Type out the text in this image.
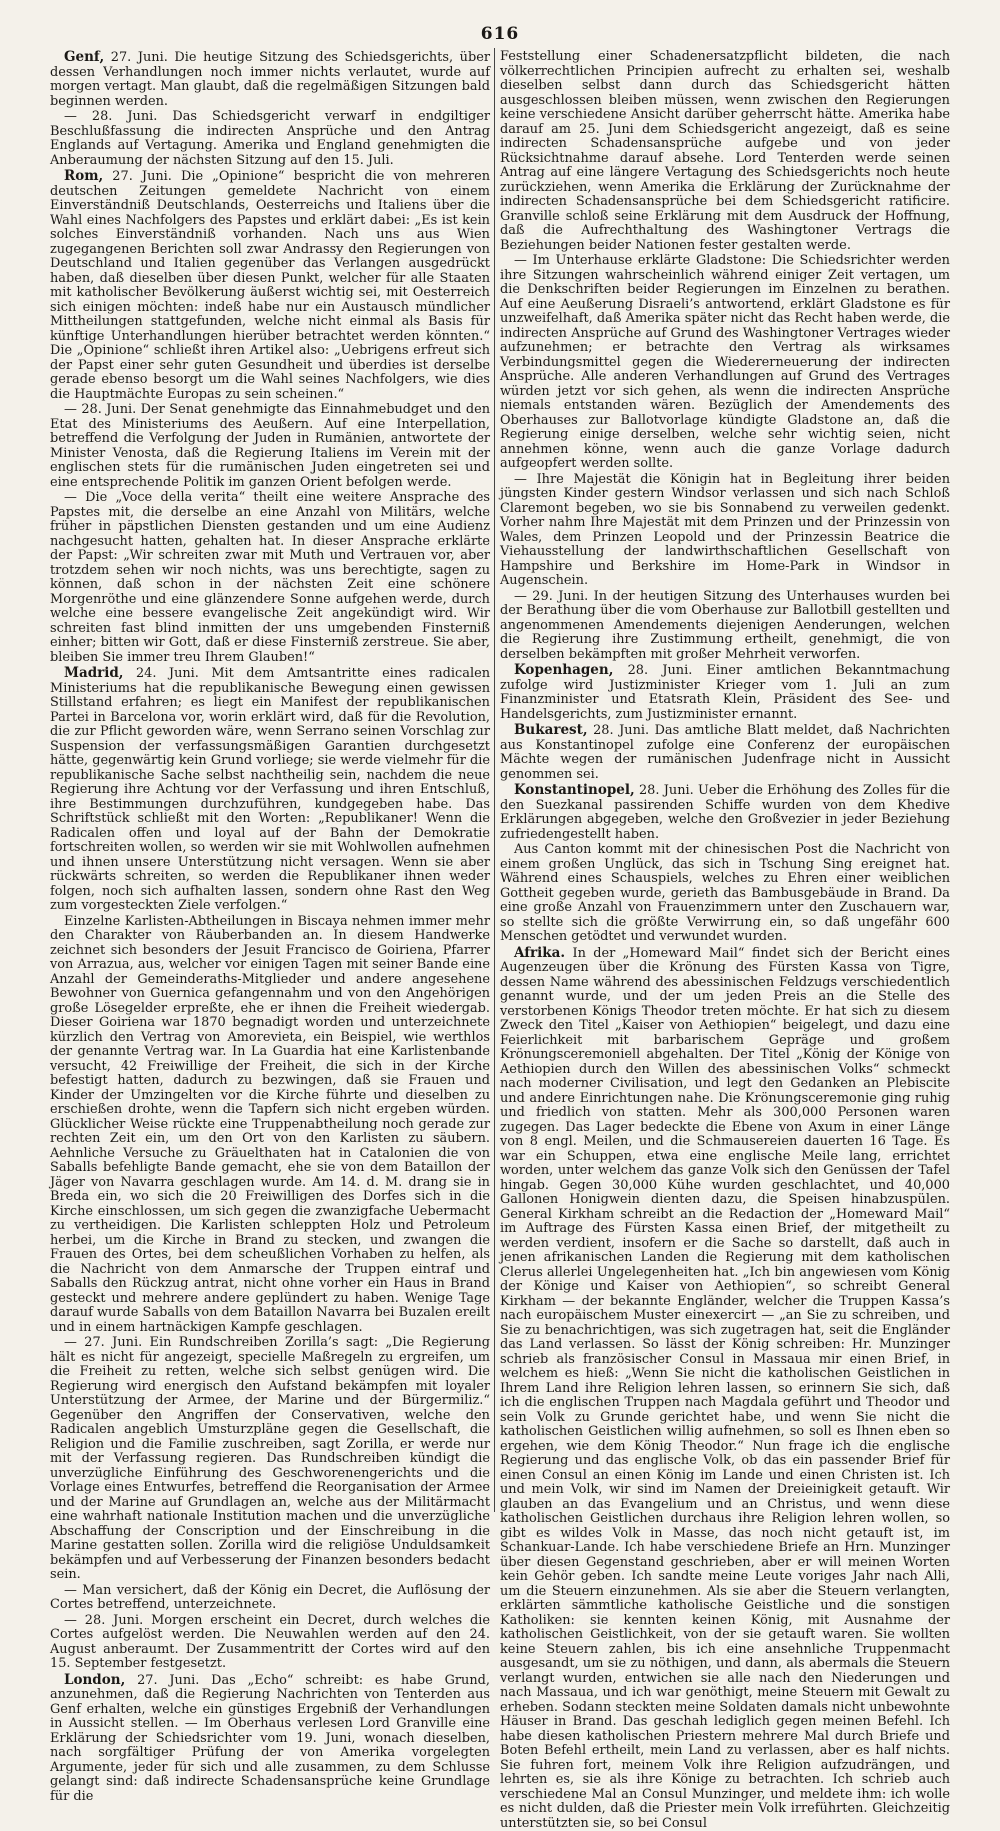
616

Genf, 27. Juni. Die heutige Sitzung des Schiedsgerichts, über dessen Verhandlungen noch immer nichts verlautet, wurde auf morgen vertagt. Man glaubt, daß die regelmäßigen Sitzungen bald beginnen werden.

— 28. Juni. Das Schiedsgericht verwarf in endgiltiger Beschlußfassung die indirecten Ansprüche und den Antrag Englands auf Vertagung. Amerika und England genehmigten die Anberaumung der nächsten Sitzung auf den 15. Juli.

Rom, 27. Juni. Die „Opinione“ bespricht die von mehreren deutschen Zeitungen gemeldete Nachricht von einem Einverständniß Deutschlands, Oesterreichs und Italiens über die Wahl eines Nachfolgers des Papstes und erklärt dabei: „Es ist kein solches Einverständniß vorhanden. Nach uns aus Wien zugegangenen Berichten soll zwar Andrassy den Regierungen von Deutschland und Italien gegenüber das Verlangen ausgedrückt haben, daß dieselben über diesen Punkt, welcher für alle Staaten mit katholischer Bevölkerung äußerst wichtig sei, mit Oesterreich sich einigen möchten: indeß habe nur ein Austausch mündlicher Mittheilungen stattgefunden, welche nicht einmal als Basis für künftige Unterhandlungen hierüber betrachtet werden könnten.“ Die „Opinione“ schließt ihren Artikel also: „Uebrigens erfreut sich der Papst einer sehr guten Gesundheit und überdies ist derselbe gerade ebenso besorgt um die Wahl seines Nachfolgers, wie dies die Hauptmächte Europas zu sein scheinen.“

— 28. Juni. Der Senat genehmigte das Einnahmebudget und den Etat des Ministeriums des Aeußern. Auf eine Interpellation, betreffend die Verfolgung der Juden in Rumänien, antwortete der Minister Venosta, daß die Regierung Italiens im Verein mit der englischen stets für die rumänischen Juden eingetreten sei und eine entsprechende Politik im ganzen Orient befolgen werde.

— Die „Voce della verita“ theilt eine weitere Ansprache des Papstes mit, die derselbe an eine Anzahl von Militärs, welche früher in päpstlichen Diensten gestanden und um eine Audienz nachgesucht hatten, gehalten hat. In dieser Ansprache erklärte der Papst: „Wir schreiten zwar mit Muth und Vertrauen vor, aber trotzdem sehen wir noch nichts, was uns berechtigte, sagen zu können, daß schon in der nächsten Zeit eine schönere Morgenröthe und eine glänzendere Sonne aufgehen werde, durch welche eine bessere evangelische Zeit angekündigt wird. Wir schreiten fast blind inmitten der uns umgebenden Finsterniß einher; bitten wir Gott, daß er diese Finsterniß zerstreue. Sie aber, bleiben Sie immer treu Ihrem Glauben!“

Madrid, 24. Juni. Mit dem Amtsantritte eines radicalen Ministeriums hat die republikanische Bewegung einen gewissen Stillstand erfahren; es liegt ein Manifest der republikanischen Partei in Barcelona vor, worin erklärt wird, daß für die Revolution, die zur Pflicht geworden wäre, wenn Serrano seinen Vorschlag zur Suspension der verfassungsmäßigen Garantien durchgesetzt hätte, gegenwärtig kein Grund vorliege; sie werde vielmehr für die republikanische Sache selbst nachtheilig sein, nachdem die neue Regierung ihre Achtung vor der Verfassung und ihren Entschluß, ihre Bestimmungen durchzuführen, kundgegeben habe. Das Schriftstück schließt mit den Worten: „Republikaner! Wenn die Radicalen offen und loyal auf der Bahn der Demokratie fortschreiten wollen, so werden wir sie mit Wohlwollen aufnehmen und ihnen unsere Unterstützung nicht versagen. Wenn sie aber rückwärts schreiten, so werden die Republikaner ihnen weder folgen, noch sich aufhalten lassen, sondern ohne Rast den Weg zum vorgesteckten Ziele verfolgen.“

Einzelne Karlisten-Abtheilungen in Biscaya nehmen immer mehr den Charakter von Räuberbanden an. In diesem Handwerke zeichnet sich besonders der Jesuit Francisco de Goiriena, Pfarrer von Arrazua, aus, welcher vor einigen Tagen mit seiner Bande eine Anzahl der Gemeinderaths-Mitglieder und andere angesehene Bewohner von Guernica gefangennahm und von den Angehörigen große Lösegelder erpreßte, ehe er ihnen die Freiheit wiedergab. Dieser Goiriena war 1870 begnadigt worden und unterzeichnete kürzlich den Vertrag von Amorevieta, ein Beispiel, wie werthlos der genannte Vertrag war. In La Guardia hat eine Karlistenbande versucht, 42 Freiwillige der Freiheit, die sich in der Kirche befestigt hatten, dadurch zu bezwingen, daß sie Frauen und Kinder der Umzingelten vor die Kirche führte und dieselben zu erschießen drohte, wenn die Tapfern sich nicht ergeben würden. Glücklicher Weise rückte eine Truppenabtheilung noch gerade zur rechten Zeit ein, um den Ort von den Karlisten zu säubern. Aehnliche Versuche zu Gräuelthaten hat in Catalonien die von Saballs befehligte Bande gemacht, ehe sie von dem Bataillon der Jäger von Navarra geschlagen wurde. Am 14. d. M. drang sie in Breda ein, wo sich die 20 Freiwilligen des Dorfes sich in die Kirche einschlossen, um sich gegen die zwanzigfache Uebermacht zu vertheidigen. Die Karlisten schleppten Holz und Petroleum herbei, um die Kirche in Brand zu stecken, und zwangen die Frauen des Ortes, bei dem scheußlichen Vorhaben zu helfen, als die Nachricht von dem Anmarsche der Truppen eintraf und Saballs den Rückzug antrat, nicht ohne vorher ein Haus in Brand gesteckt und mehrere andere geplündert zu haben. Wenige Tage darauf wurde Saballs von dem Bataillon Navarra bei Buzalen ereilt und in einem hartnäckigen Kampfe geschlagen.

— 27. Juni. Ein Rundschreiben Zorilla’s sagt: „Die Regierung hält es nicht für angezeigt, specielle Maßregeln zu ergreifen, um die Freiheit zu retten, welche sich selbst genügen wird. Die Regierung wird energisch den Aufstand bekämpfen mit loyaler Unterstützung der Armee, der Marine und der Bürgermiliz.“ Gegenüber den Angriffen der Conservativen, welche den Radicalen angeblich Umsturzpläne gegen die Gesellschaft, die Religion und die Familie zuschreiben, sagt Zorilla, er werde nur mit der Verfassung regieren. Das Rundschreiben kündigt die unverzügliche Einführung des Geschworenengerichts und die Vorlage eines Entwurfes, betreffend die Reorganisation der Armee und der Marine auf Grundlagen an, welche aus der Militärmacht eine wahrhaft nationale Institution machen und die unverzügliche Abschaffung der Conscription und der Einschreibung in die Marine gestatten sollen. Zorilla wird die religiöse Unduldsamkeit bekämpfen und auf Verbesserung der Finanzen besonders bedacht sein.

— Man versichert, daß der König ein Decret, die Auflösung der Cortes betreffend, unterzeichnete.

— 28. Juni. Morgen erscheint ein Decret, durch welches die Cortes aufgelöst werden. Die Neuwahlen werden auf den 24. August anberaumt. Der Zusammentritt der Cortes wird auf den 15. September festgesetzt.

London, 27. Juni. Das „Echo“ schreibt: es habe Grund, anzunehmen, daß die Regierung Nachrichten von Tenterden aus Genf erhalten, welche ein günstiges Ergebniß der Verhandlungen in Aussicht stellen. — Im Oberhaus verlesen Lord Granville eine Erklärung der Schiedsrichter vom 19. Juni, wonach dieselben, nach sorgfältiger Prüfung der von Amerika vorgelegten Argumente, jeder für sich und alle zusammen, zu dem Schlusse gelangt sind: daß indirecte Schadensansprüche keine Grundlage für die

Feststellung einer Schadenersatzpflicht bildeten, die nach völkerrechtlichen Principien aufrecht zu erhalten sei, weshalb dieselben selbst dann durch das Schiedsgericht hätten ausgeschlossen bleiben müssen, wenn zwischen den Regierungen keine verschiedene Ansicht darüber geherrscht hätte. Amerika habe darauf am 25. Juni dem Schiedsgericht angezeigt, daß es seine indirecten Schadensansprüche aufgebe und von jeder Rücksichtnahme darauf absehe. Lord Tenterden werde seinen Antrag auf eine längere Vertagung des Schiedsgerichts noch heute zurückziehen, wenn Amerika die Erklärung der Zurücknahme der indirecten Schadensansprüche bei dem Schiedsgericht ratificire. Granville schloß seine Erklärung mit dem Ausdruck der Hoffnung, daß die Aufrechthaltung des Washingtoner Vertrags die Beziehungen beider Nationen fester gestalten werde.

— Im Unterhause erklärte Gladstone: Die Schiedsrichter werden ihre Sitzungen wahrscheinlich während einiger Zeit vertagen, um die Denkschriften beider Regierungen im Einzelnen zu berathen. Auf eine Aeußerung Disraeli’s antwortend, erklärt Gladstone es für unzweifelhaft, daß Amerika später nicht das Recht haben werde, die indirecten Ansprüche auf Grund des Washingtoner Vertrages wieder aufzunehmen; er betrachte den Vertrag als wirksames Verbindungsmittel gegen die Wiedererneuerung der indirecten Ansprüche. Alle anderen Verhandlungen auf Grund des Vertrages würden jetzt vor sich gehen, als wenn die indirecten Ansprüche niemals entstanden wären. Bezüglich der Amendements des Oberhauses zur Ballotvorlage kündigte Gladstone an, daß die Regierung einige derselben, welche sehr wichtig seien, nicht annehmen könne, wenn auch die ganze Vorlage dadurch aufgeopfert werden sollte.

— Ihre Majestät die Königin hat in Begleitung ihrer beiden jüngsten Kinder gestern Windsor verlassen und sich nach Schloß Claremont begeben, wo sie bis Sonnabend zu verweilen gedenkt. Vorher nahm Ihre Majestät mit dem Prinzen und der Prinzessin von Wales, dem Prinzen Leopold und der Prinzessin Beatrice die Viehausstellung der landwirthschaftlichen Gesellschaft von Hampshire und Berkshire im Home-Park in Windsor in Augenschein.

— 29. Juni. In der heutigen Sitzung des Unterhauses wurden bei der Berathung über die vom Oberhause zur Ballotbill gestellten und angenommenen Amendements diejenigen Aenderungen, welchen die Regierung ihre Zustimmung ertheilt, genehmigt, die von derselben bekämpften mit großer Mehrheit verworfen.

Kopenhagen, 28. Juni. Einer amtlichen Bekanntmachung zufolge wird Justizminister Krieger vom 1. Juli an zum Finanzminister und Etatsrath Klein, Präsident des See- und Handelsgerichts, zum Justizminister ernannt.

Bukarest, 28. Juni. Das amtliche Blatt meldet, daß Nachrichten aus Konstantinopel zufolge eine Conferenz der europäischen Mächte wegen der rumänischen Judenfrage nicht in Aussicht genommen sei.

Konstantinopel, 28. Juni. Ueber die Erhöhung des Zolles für die den Suezkanal passirenden Schiffe wurden von dem Khedive Erklärungen abgegeben, welche den Großvezier in jeder Beziehung zufriedengestellt haben.

Aus Canton kommt mit der chinesischen Post die Nachricht von einem großen Unglück, das sich in Tschung Sing ereignet hat. Während eines Schauspiels, welches zu Ehren einer weiblichen Gottheit gegeben wurde, gerieth das Bambusgebäude in Brand. Da eine große Anzahl von Frauenzimmern unter den Zuschauern war, so stellte sich die größte Verwirrung ein, so daß ungefähr 600 Menschen getödtet und verwundet wurden.

Afrika. In der „Homeward Mail“ findet sich der Bericht eines Augenzeugen über die Krönung des Fürsten Kassa von Tigre, dessen Name während des abessinischen Feldzugs verschiedentlich genannt wurde, und der um jeden Preis an die Stelle des verstorbenen Königs Theodor treten möchte. Er hat sich zu diesem Zweck den Titel „Kaiser von Aethiopien“ beigelegt, und dazu eine Feierlichkeit mit barbarischem Gepräge und großem Krönungsceremoniell abgehalten. Der Titel „König der Könige von Aethiopien durch den Willen des abessinischen Volks“ schmeckt nach moderner Civilisation, und legt den Gedanken an Plebiscite und andere Einrichtungen nahe. Die Krönungsceremonie ging ruhig und friedlich von statten. Mehr als 300,000 Personen waren zugegen. Das Lager bedeckte die Ebene von Axum in einer Länge von 8 engl. Meilen, und die Schmausereien dauerten 16 Tage. Es war ein Schuppen, etwa eine englische Meile lang, errichtet worden, unter welchem das ganze Volk sich den Genüssen der Tafel hingab. Gegen 30,000 Kühe wurden geschlachtet, und 40,000 Gallonen Honigwein dienten dazu, die Speisen hinabzuspülen. General Kirkham schreibt an die Redaction der „Homeward Mail“ im Auftrage des Fürsten Kassa einen Brief, der mitgetheilt zu werden verdient, insofern er die Sache so darstellt, daß auch in jenen afrikanischen Landen die Regierung mit dem katholischen Clerus allerlei Ungelegenheiten hat. „Ich bin angewiesen vom König der Könige und Kaiser von Aethiopien“, so schreibt General Kirkham — der bekannte Engländer, welcher die Truppen Kassa’s nach europäischem Muster einexercirt — „an Sie zu schreiben, und Sie zu benachrichtigen, was sich zugetragen hat, seit die Engländer das Land verlassen. So lässt der König schreiben: Hr. Munzinger schrieb als französischer Consul in Massaua mir einen Brief, in welchem es hieß: „Wenn Sie nicht die katholischen Geistlichen in Ihrem Land ihre Religion lehren lassen, so erinnern Sie sich, daß ich die englischen Truppen nach Magdala geführt und Theodor und sein Volk zu Grunde gerichtet habe, und wenn Sie nicht die katholischen Geistlichen willig aufnehmen, so soll es Ihnen eben so ergehen, wie dem König Theodor.“ Nun frage ich die englische Regierung und das englische Volk, ob das ein passender Brief für einen Consul an einen König im Lande und einen Christen ist. Ich und mein Volk, wir sind im Namen der Dreieinigkeit getauft. Wir glauben an das Evangelium und an Christus, und wenn diese katholischen Geistlichen durchaus ihre Religion lehren wollen, so gibt es wildes Volk in Masse, das noch nicht getauft ist, im Schankuar-Lande. Ich habe verschiedene Briefe an Hrn. Munzinger über diesen Gegenstand geschrieben, aber er will meinen Worten kein Gehör geben. Ich sandte meine Leute voriges Jahr nach Alli, um die Steuern einzunehmen. Als sie aber die Steuern verlangten, erklärten sämmtliche katholische Geistliche und die sonstigen Katholiken: sie kennten keinen König, mit Ausnahme der katholischen Geistlichkeit, von der sie getauft waren. Sie wollten keine Steuern zahlen, bis ich eine ansehnliche Truppenmacht ausgesandt, um sie zu nöthigen, und dann, als abermals die Steuern verlangt wurden, entwichen sie alle nach den Niederungen und nach Massaua, und ich war genöthigt, meine Steuern mit Gewalt zu erheben. Sodann steckten meine Soldaten damals nicht unbewohnte Häuser in Brand. Das geschah lediglich gegen meinen Befehl. Ich habe diesen katholischen Priestern mehrere Mal durch Briefe und Boten Befehl ertheilt, mein Land zu verlassen, aber es half nichts. Sie fuhren fort, meinem Volk ihre Religion aufzudrängen, und lehrten es, sie als ihre Könige zu betrachten. Ich schrieb auch verschiedene Mal an Consul Munzinger, und meldete ihm: ich wolle es nicht dulden, daß die Priester mein Volk irreführten. Gleichzeitig unterstützten sie, so bei Consul
